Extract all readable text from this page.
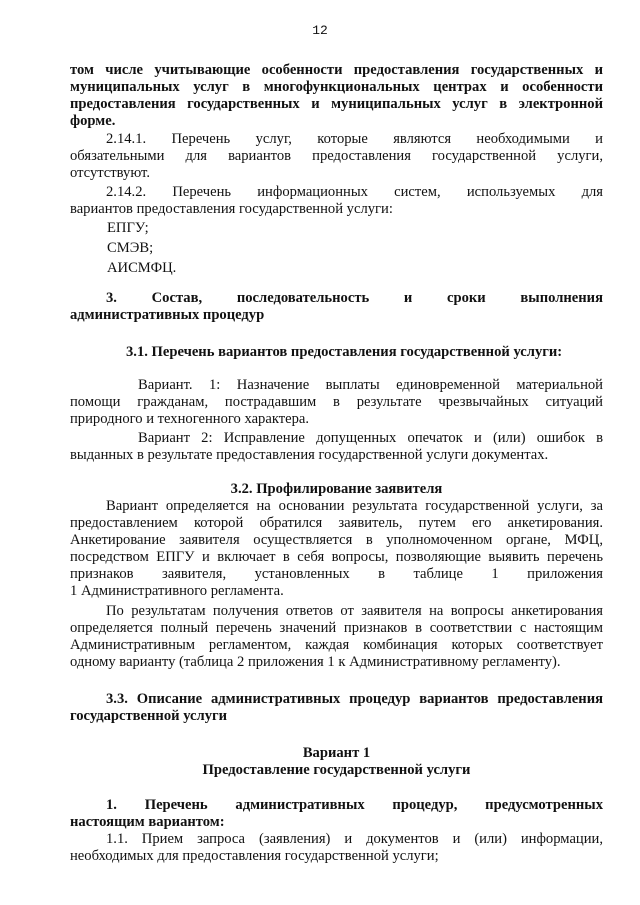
12
том числе учитывающие особенности предоставления государственных и
муниципальных услуг в многофункциональных центрах и особенности
предоставления государственных и муниципальных услуг в электронной
форме.
2.14.1. Перечень услуг, которые являются необходимыми и
обязательными для вариантов предоставления государственной услуги,
отсутствуют.
2.14.2. Перечень информационных систем, используемых для
вариантов предоставления государственной услуги:
ЕПГУ;
СМЭВ;
АИСМФЦ.
3. Состав, последовательность и сроки выполнения
административных процедур
3.1. Перечень вариантов предоставления государственной услуги:
Вариант. 1: Назначение выплаты единовременной материальной
помощи гражданам, пострадавшим в результате чрезвычайных ситуаций
природного и техногенного характера.
Вариант 2: Исправление допущенных опечаток и (или) ошибок в
выданных в результате предоставления государственной услуги документах.
3.2. Профилирование заявителя
Вариант определяется на основании результата государственной услуги, за
предоставлением которой обратился заявитель, путем его анкетирования.
Анкетирование заявителя осуществляется в уполномоченном органе, МФЦ,
посредством ЕПГУ и включает в себя вопросы, позволяющие выявить перечень
признаков заявителя, установленных в таблице 1 приложения
1 Административного регламента.
По результатам получения ответов от заявителя на вопросы анкетирования
определяется полный перечень значений признаков в соответствии с настоящим
Административным регламентом, каждая комбинация которых соответствует
одному варианту (таблица 2 приложения 1 к Административному регламенту).
3.3. Описание административных процедур вариантов предоставления
государственной услуги
Вариант 1
Предоставление государственной услуги
1. Перечень административных процедур, предусмотренных
настоящим вариантом:
1.1. Прием запроса (заявления) и документов и (или) информации,
необходимых для предоставления государственной услуги;
